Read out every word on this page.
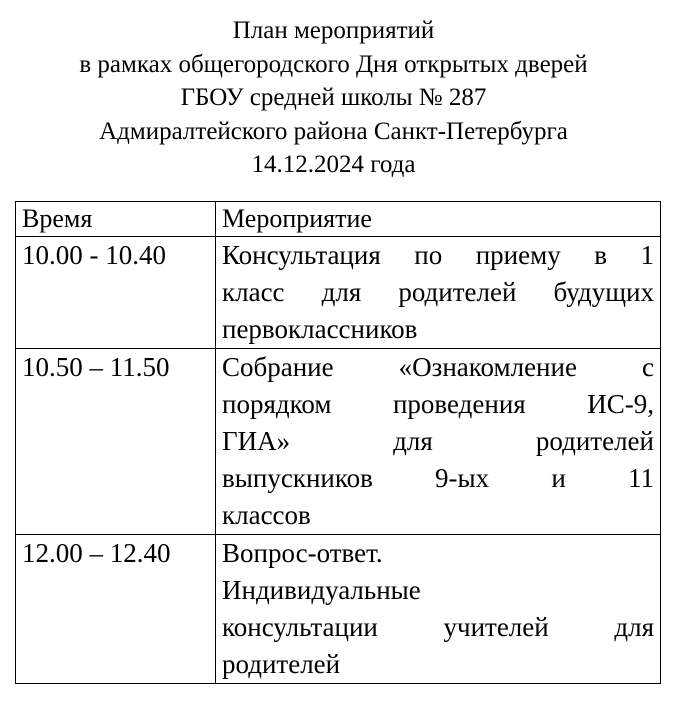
План мероприятий
в рамках общегородского Дня открытых дверей
ГБОУ средней школы № 287
Адмиралтейского района Санкт-Петербурга
14.12.2024 года
Время	Мероприятие
10.00 - 10.40	Консультация по приему в 1
класс для родителей будущих
первоклассников

10.50 – 11.50	Собрание «Ознакомление с
порядком проведения ИС-9,
ГИА» для родителей
выпускников 9-ых и 11
классов

12.00 – 12.40	Вопрос-ответ.
Индивидуальные
консультации учителей для
родителей
